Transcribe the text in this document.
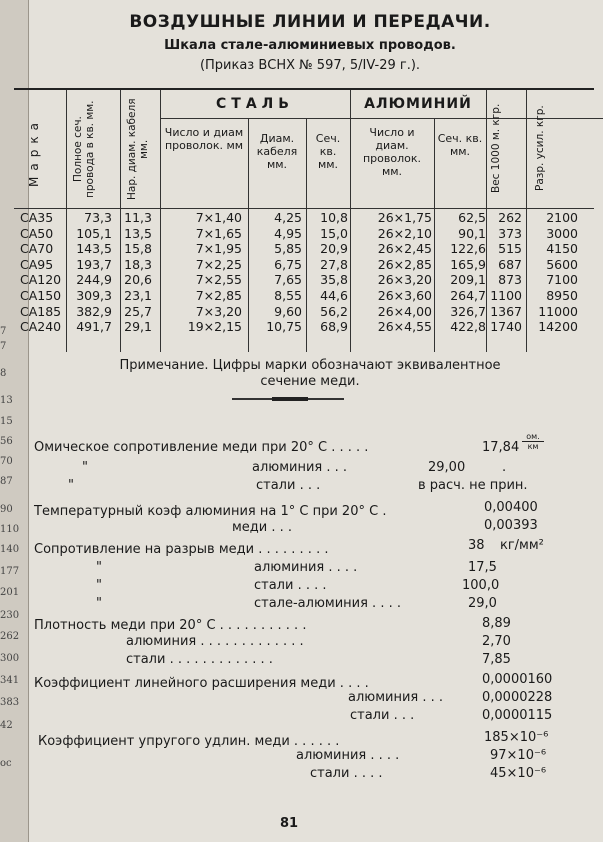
7
7
8
13
15
56
70
87
90
110
140
177
201
230
262
300
341
383
42
ос
ВОЗДУШНЫЕ ЛИНИИ И ПЕРЕДАЧИ.
Шкала стале-алюминиевых проводов.
(Приказ ВСНХ № 597, 5/IV-29 г.).
Марка	Полное сеч. провода в кв. мм.	Нар. диам. кабеля мм.
СТАЛЬ	АЛЮМИНИЙ
Число и диам проволок. мм
Диам. кабеля мм.
Сеч. кв. мм.
Число и диам. проволок. мм.
Сеч. кв. мм.	Вес 1000 м. кгр.	Разр. усил. кгр.
СА35	73,3 11,3	7×1,40	4,25	10,8	26×1,75	62,5 262	2100
СА50	105,1 13,5	7×1,65	4,95	15,0	26×2,10	90,1 373	3000
СА70	143,5 15,8	7×1,95	5,85	20,9	26×2,45	122,6 515	4150
СА95	193,7 18,3	7×2,25	6,75	27,8	26×2,85	165,9 687	5600
СА120	244,9 20,6	7×2,55	7,65	35,8	26×3,20	209,1 873	7100
СА150	309,3 23,1	7×2,85	8,55	44,6	26×3,60	264,7 1100	8950
СА185	382,9 25,7	7×3,20	9,60	56,2	26×4,00	326,7 1367	11000
СА240	491,7 29,1	19×2,15	10,75	68,9	26×4,55	422,8 1740	14200
Примечание. Цифры марки обозначают эквивалентное
сечение меди.
Омическое сопротивление меди при 20° С . . . . .	17,84
ом.
км
"	алюминия . . .	29,00	.
"	стали . . .	в расч. не прин.
Температурный коэф алюминия на 1° С при 20° С .	0,00400
меди . . .	0,00393
Сопротивление на разрыв меди . . . . . . . . .	38 кг/мм²
"	алюминия . . . .	17,5
"	стали . . . .	100,0
"	стале-алюминия . . . .	29,0
Плотность меди при 20° С . . . . . . . . . . .	8,89
алюминия . . . . . . . . . . . . .	2,70
стали . . . . . . . . . . . . .	7,85
Коэффициент линейного расширения меди . . . .	0,0000160
алюминия . . .	0,0000228
стали . . .	0,0000115
Коэффициент упругого удлин. меди . . . . . .	185×10⁻⁶
алюминия . . . .	97×10⁻⁶
стали . . . .	45×10⁻⁶
81
